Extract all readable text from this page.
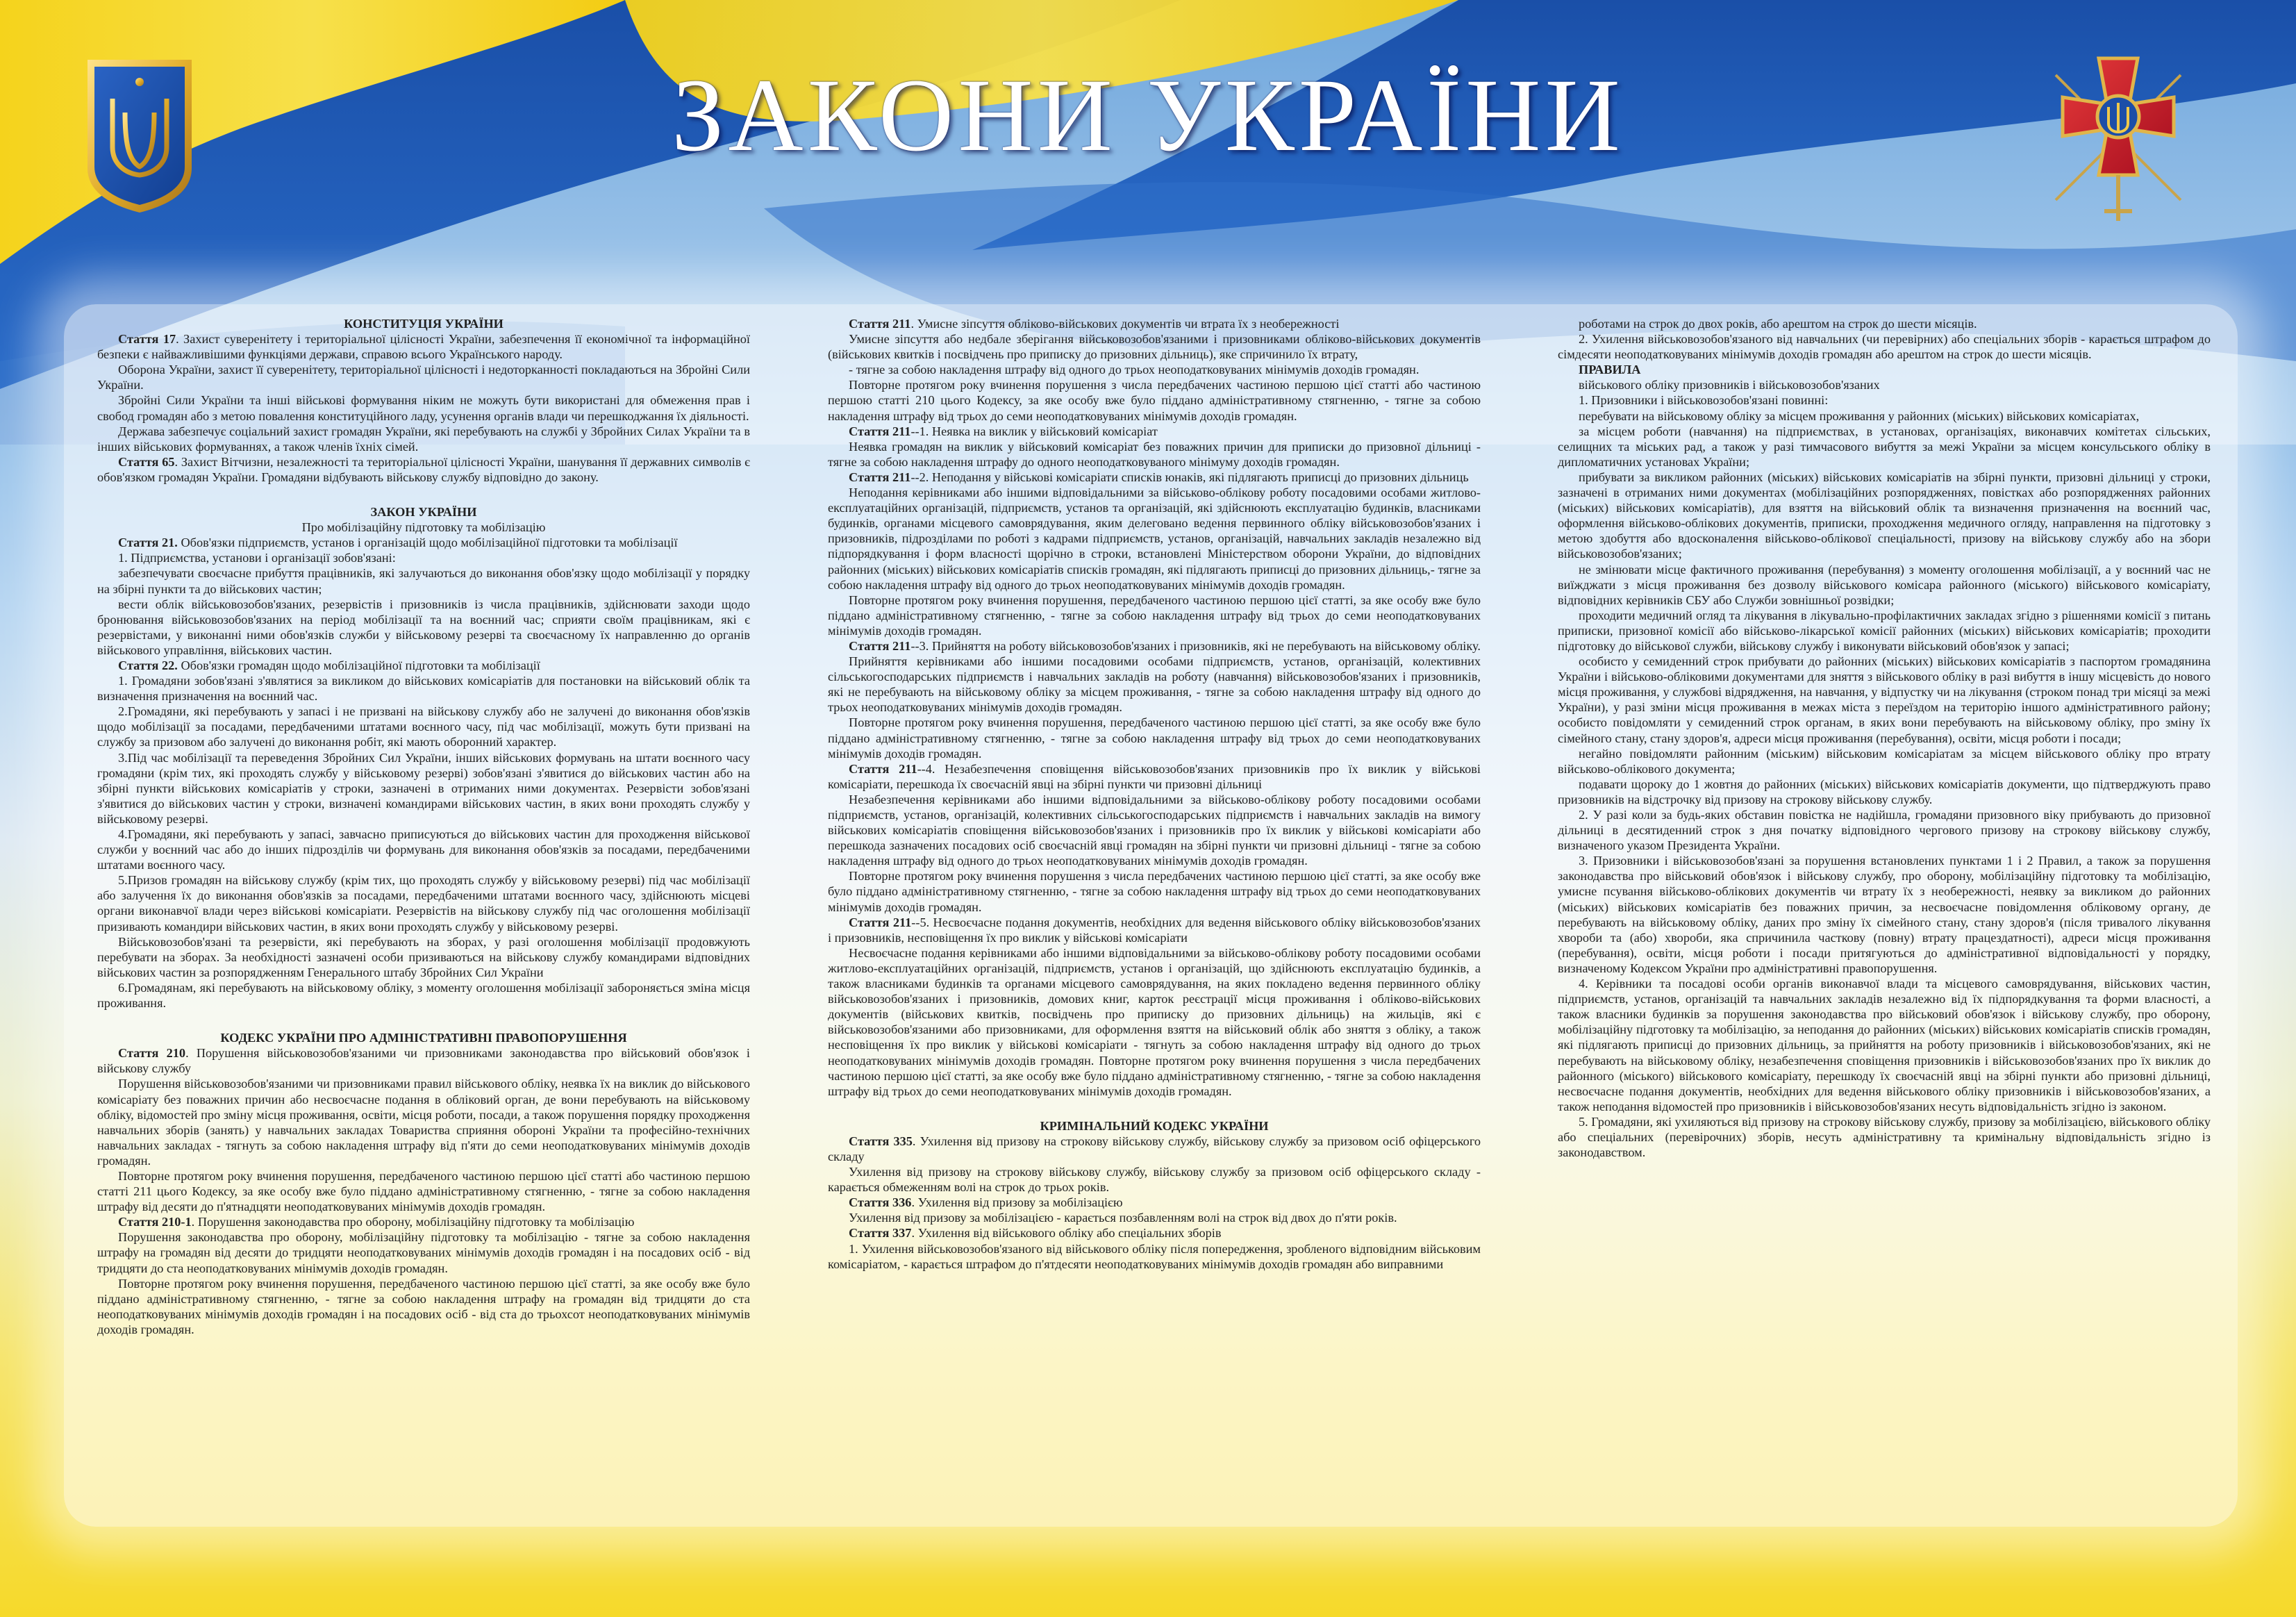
ЗАКОНИ УКРАЇНИ

КОНСТИТУЦІЯ УКРАЇНИ

Стаття 17. Захист суверенітету і територіальної цілісності України, забезпечення її економічної та інформаційної безпеки є найважливішими функціями держави, справою всього Українського народу.

Оборона України, захист її суверенітету, територіальної цілісності і недоторканності покладаються на Збройні Сили України.

Збройні Сили України та інші військові формування ніким не можуть бути використані для обмеження прав і свобод громадян або з метою повалення конституційного ладу, усунення органів влади чи перешкоджання їх діяльності.

Держава забезпечує соціальний захист громадян України, які перебувають на службі у Збройних Силах України та в інших військових формуваннях, а також членів їхніх сімей.

Стаття 65. Захист Вітчизни, незалежності та територіальної цілісності України, шанування її державних символів є обов'язком громадян України. Громадяни відбувають військову службу відповідно до закону.

ЗАКОН УКРАЇНИ

Про мобілізаційну підготовку та мобілізацію

Стаття 21. Обов'язки підприємств, установ і організацій щодо мобілізаційної підготовки та мобілізації

1. Підприємства, установи і організації зобов'язані:

забезпечувати своєчасне прибуття працівників, які залучаються до виконання обов'язку щодо мобілізації у порядку на збірні пункти та до військових частин;

вести облік військовозобов'язаних, резервістів і призовників із числа працівників, здійснювати заходи щодо бронювання військовозобов'язаних на період мобілізації та на воєнний час; сприяти своїм працівникам, які є резервістами, у виконанні ними обов'язків служби у військовому резерві та своєчасному їх направленню до органів військового управління, військових частин.

Стаття 22. Обов'язки громадян щодо мобілізаційної підготовки та мобілізації

1. Громадяни зобов'язані з'являтися за викликом до військових комісаріатів для постановки на військовий облік та визначення призначення на воєнний час.

2.Громадяни, які перебувають у запасі і не призвані на військову службу або не залучені до виконання обов'язків щодо мобілізації за посадами, передбаченими штатами воєнного часу, під час мобілізації, можуть бути призвані на службу за призовом або залучені до виконання робіт, які мають оборонний характер.

3.Під час мобілізації та переведення Збройних Сил України, інших військових формувань на штати воєнного часу громадяни (крім тих, які проходять службу у військовому резерві) зобов'язані з'явитися до військових частин або на збірні пункти військових комісаріатів у строки, зазначені в отриманих ними документах. Резервісти зобов'язані з'явитися до військових частин у строки, визначені командирами військових частин, в яких вони проходять службу у військовому резерві.

4.Громадяни, які перебувають у запасі, завчасно приписуються до військових частин для проходження військової служби у воєнний час або до інших підрозділів чи формувань для виконання обов'язків за посадами, передбаченими штатами воєнного часу.

5.Призов громадян на військову службу (крім тих, що проходять службу у військовому резерві) під час мобілізації або залучення їх до виконання обов'язків за посадами, передбаченими штатами воєнного часу, здійснюють місцеві органи виконавчої влади через військові комісаріати. Резервістів на військову службу під час оголошення мобілізації призивають командири військових частин, в яких вони проходять службу у військовому резерві.

Військовозобов'язані та резервісти, які перебувають на зборах, у разі оголошення мобілізації продовжують перебувати на зборах. За необхідності зазначені особи призиваються на військову службу командирами відповідних військових частин за розпорядженням Генерального штабу Збройних Сил України

6.Громадянам, які перебувають на військовому обліку, з моменту оголошення мобілізації забороняється зміна місця проживання.

КОДЕКС УКРАЇНИ ПРО АДМІНІСТРАТИВНІ ПРАВОПОРУШЕННЯ

Стаття 210. Порушення військовозобов'язаними чи призовниками законодавства про військовий обов'язок і військову службу

Порушення військовозобов'язаними чи призовниками правил військового обліку, неявка їх на виклик до військового комісаріату без поважних причин або несвоєчасне подання в обліковий орган, де вони перебувають на військовому обліку, відомостей про зміну місця проживання, освіти, місця роботи, посади, а також порушення порядку проходження навчальних зборів (занять) у навчальних закладах Товариства сприяння обороні України та професійно-технічних навчальних закладах - тягнуть за собою накладення штрафу від п'яти до семи неоподатковуваних мінімумів доходів громадян.

Повторне протягом року вчинення порушення, передбаченого частиною першою цієї статті або частиною першою статті 211 цього Кодексу, за яке особу вже було піддано адміністративному стягненню, - тягне за собою накладення штрафу від десяти до п'ятнадцяти неоподатковуваних мінімумів доходів громадян.

Стаття 210-1. Порушення законодавства про оборону, мобілізаційну підготовку та мобілізацію

Порушення законодавства про оборону, мобілізаційну підготовку та мобілізацію - тягне за собою накладення штрафу на громадян від десяти до тридцяти неоподатковуваних мінімумів доходів громадян і на посадових осіб - від тридцяти до ста неоподатковуваних мінімумів доходів громадян.

Повторне протягом року вчинення порушення, передбаченого частиною першою цієї статті, за яке особу вже було піддано адміністративному стягненню, - тягне за собою накладення штрафу на громадян від тридцяти до ста неоподатковуваних мінімумів доходів громадян і на посадових осіб - від ста до трьохсот неоподатковуваних мінімумів доходів громадян.

Стаття 211. Умисне зіпсуття обліково-військових документів чи втрата їх з необережності

Умисне зіпсуття або недбале зберігання військовозобов'язаними і призовниками обліково-військових документів (військових квитків і посвідчень про приписку до призовних дільниць), яке спричинило їх втрату,

- тягне за собою накладення штрафу від одного до трьох неоподатковуваних мінімумів доходів громадян.

Повторне протягом року вчинення порушення з числа передбачених частиною першою цієї статті або частиною першою статті 210 цього Кодексу, за яке особу вже було піддано адміністративному стягненню, - тягне за собою накладення штрафу від трьох до семи неоподатковуваних мінімумів доходів громадян.

Стаття 211--1. Неявка на виклик у військовий комісаріат

Неявка громадян на виклик у військовий комісаріат без поважних причин для приписки до призовної дільниці - тягне за собою накладення штрафу до одного неоподатковуваного мінімуму доходів громадян.

Стаття 211--2. Неподання у військові комісаріати списків юнаків, які підлягають приписці до призовних дільниць

Неподання керівниками або іншими відповідальними за військово-облікову роботу посадовими особами житлово-експлуатаційних організацій, підприємств, установ та організацій, які здійснюють експлуатацію будинків, власниками будинків, органами місцевого самоврядування, яким делеговано ведення первинного обліку військовозобов'язаних і призовників, підрозділами по роботі з кадрами підприємств, установ, організацій, навчальних закладів незалежно від підпорядкування і форм власності щорічно в строки, встановлені Міністерством оборони України, до відповідних районних (міських) військових комісаріатів списків громадян, які підлягають приписці до призовних дільниць,- тягне за собою накладення штрафу від одного до трьох неоподатковуваних мінімумів доходів громадян.

Повторне протягом року вчинення порушення, передбаченого частиною першою цієї статті, за яке особу вже було піддано адміністративному стягненню, - тягне за собою накладення штрафу від трьох до семи неоподатковуваних мінімумів доходів громадян.

Стаття 211--3. Прийняття на роботу військовозобов'язаних і призовників, які не перебувають на військовому обліку.

Прийняття керівниками або іншими посадовими особами підприємств, установ, організацій, колективних сільськогосподарських підприємств і навчальних закладів на роботу (навчання) військовозобов'язаних і призовників, які не перебувають на військовому обліку за місцем проживання, - тягне за собою накладення штрафу від одного до трьох неоподатковуваних мінімумів доходів громадян.

Повторне протягом року вчинення порушення, передбаченого частиною першою цієї статті, за яке особу вже було піддано адміністративному стягненню, - тягне за собою накладення штрафу від трьох до семи неоподатковуваних мінімумів доходів громадян.

Стаття 211--4. Незабезпечення сповіщення військовозобов'язаних призовників про їх виклик у військові комісаріати, перешкода їх своєчасній явці на збірні пункти чи призовні дільниці

Незабезпечення керівниками або іншими відповідальними за військово-облікову роботу посадовими особами підприємств, установ, організацій, колективних сільськогосподарських підприємств і навчальних закладів на вимогу військових комісаріатів сповіщення військовозобов'язаних і призовників про їх виклик у військові комісаріати або перешкода зазначених посадових осіб своєчасній явці громадян на збірні пункти чи призовні дільниці - тягне за собою накладення штрафу від одного до трьох неоподатковуваних мінімумів доходів громадян.

Повторне протягом року вчинення порушення з числа передбачених частиною першою цієї статті, за яке особу вже було піддано адміністративному стягненню, - тягне за собою накладення штрафу від трьох до семи неоподатковуваних мінімумів доходів громадян.

Стаття 211--5. Несвоєчасне подання документів, необхідних для ведення військового обліку військовозобов'язаних і призовників, несповіщення їх про виклик у військові комісаріати

Несвоєчасне подання керівниками або іншими відповідальними за військово-облікову роботу посадовими особами житлово-експлуатаційних організацій, підприємств, установ і організацій, що здійснюють експлуатацію будинків, а також власниками будинків та органами місцевого самоврядування, на яких покладено ведення первинного обліку військовозобов'язаних і призовників, домових книг, карток реєстрації місця проживання і обліково-військових документів (військових квитків, посвідчень про приписку до призовних дільниць) на жильців, які є військовозобов'язаними або призовниками, для оформлення взяття на військовий облік або зняття з обліку, а також несповіщення їх про виклик у військові комісаріати - тягнуть за собою накладення штрафу від одного до трьох неоподатковуваних мінімумів доходів громадян. Повторне протягом року вчинення порушення з числа передбачених частиною першою цієї статті, за яке особу вже було піддано адміністративному стягненню, - тягне за собою накладення штрафу від трьох до семи неоподатковуваних мінімумів доходів громадян.

КРИМІНАЛЬНИЙ КОДЕКС УКРАЇНИ

Стаття 335. Ухилення від призову на строкову військову службу, військову службу за призовом осіб офіцерського складу

Ухилення від призову на строкову військову службу, військову службу за призовом осіб офіцерського складу - карається обмеженням волі на строк до трьох років.

Стаття 336. Ухилення від призову за мобілізацією

Ухилення від призову за мобілізацією - карається позбавленням волі на строк від двох до п'яти років.

Стаття 337. Ухилення від військового обліку або спеціальних зборів

1. Ухилення військовозобов'язаного від військового обліку після попередження, зробленого відповідним військовим комісаріатом, - карається штрафом до п'ятдесяти неоподатковуваних мінімумів доходів громадян або виправними

роботами на строк до двох років, або арештом на строк до шести місяців.

2. Ухилення військовозобов'язаного від навчальних (чи перевірних) або спеціальних зборів - карається штрафом до сімдесяти неоподатковуваних мінімумів доходів громадян або арештом на строк до шести місяців.

ПРАВИЛА

військового обліку призовників і військовозобов'язаних

1. Призовники і військовозобов'язані повинні:

перебувати на військовому обліку за місцем проживання у районних (міських) військових комісаріатах,

за місцем роботи (навчання) на підприємствах, в установах, організаціях, виконавчих комітетах сільських, селищних та міських рад, а також у разі тимчасового вибуття за межі України за місцем консульського обліку в дипломатичних установах України;

прибувати за викликом районних (міських) військових комісаріатів на збірні пункти, призовні дільниці у строки, зазначені в отриманих ними документах (мобілізаційних розпорядженнях, повістках або розпорядженнях районних (міських) військових комісаріатів), для взяття на військовий облік та визначення призначення на воєнний час, оформлення військово-облікових документів, приписки, проходження медичного огляду, направлення на підготовку з метою здобуття або вдосконалення військово-облікової спеціальності, призову на військову службу або на збори військовозобов'язаних;

не змінювати місце фактичного проживання (перебування) з моменту оголошення мобілізації, а у воєнний час не виїжджати з місця проживання без дозволу військового комісара районного (міського) військового комісаріату, відповідних керівників СБУ або Служби зовнішньої розвідки;

проходити медичний огляд та лікування в лікувально-профілактичних закладах згідно з рішеннями комісії з питань приписки, призовної комісії або військово-лікарської комісії районних (міських) військових комісаріатів; проходити підготовку до військової служби, військову службу і виконувати військовий обов'язок у запасі;

особисто у семиденний строк прибувати до районних (міських) військових комісаріатів з паспортом громадянина України і військово-обліковими документами для зняття з військового обліку в разі вибуття в іншу місцевість до нового місця проживання, у службові відрядження, на навчання, у відпустку чи на лікування (строком понад три місяці за межі України), у разі зміни місця проживання в межах міста з переїздом на територію іншого адміністративного району; особисто повідомляти у семиденний строк органам, в яких вони перебувають на військовому обліку, про зміну їх сімейного стану, стану здоров'я, адреси місця проживання (перебування), освіти, місця роботи і посади;

негайно повідомляти районним (міським) військовим комісаріатам за місцем військового обліку про втрату військово-облікового документа;

подавати щороку до 1 жовтня до районних (міських) військових комісаріатів документи, що підтверджують право призовників на відстрочку від призову на строкову військову службу.

2. У разі коли за будь-яких обставин повістка не надійшла, громадяни призовного віку прибувають до призовної дільниці в десятиденний строк з дня початку відповідного чергового призову на строкову військову службу, визначеного указом Президента України.

3. Призовники і військовозобов'язані за порушення встановлених пунктами 1 і 2 Правил, а також за порушення законодавства про військовий обов'язок і військову службу, про оборону, мобілізаційну підготовку та мобілізацію, умисне псування військово-облікових документів чи втрату їх з необережності, неявку за викликом до районних (міських) військових комісаріатів без поважних причин, за несвоєчасне повідомлення обліковому органу, де перебувають на військовому обліку, даних про зміну їх сімейного стану, стану здоров'я (після тривалого лікування хвороби та (або) хвороби, яка спричинила часткову (повну) втрату працездатності), адреси місця проживання (перебування), освіти, місця роботи і посади притягуються до адміністративної відповідальності у порядку, визначеному Кодексом України про адміністративні правопорушення.

4. Керівники та посадові особи органів виконавчої влади та місцевого самоврядування, військових частин, підприємств, установ, організацій та навчальних закладів незалежно від їх підпорядкування та форми власності, а також власники будинків за порушення законодавства про військовий обов'язок і військову службу, про оборону, мобілізаційну підготовку та мобілізацію, за неподання до районних (міських) військових комісаріатів списків громадян, які підлягають приписці до призовних дільниць, за прийняття на роботу призовників і військовозобов'язаних, які не перебувають на військовому обліку, незабезпечення сповіщення призовників і військовозобов'язаних про їх виклик до районного (міського) військового комісаріату, перешкоду їх своєчасній явці на збірні пункти або призовні дільниці, несвоєчасне подання документів, необхідних для ведення військового обліку призовників і військовозобов'язаних, а також неподання відомостей про призовників і військовозобов'язаних несуть відповідальність згідно із законом.

5. Громадяни, які ухиляються від призову на строкову військову службу, призову за мобілізацією, військового обліку або спеціальних (перевірочних) зборів, несуть адміністративну та кримінальну відповідальність згідно із законодавством.
